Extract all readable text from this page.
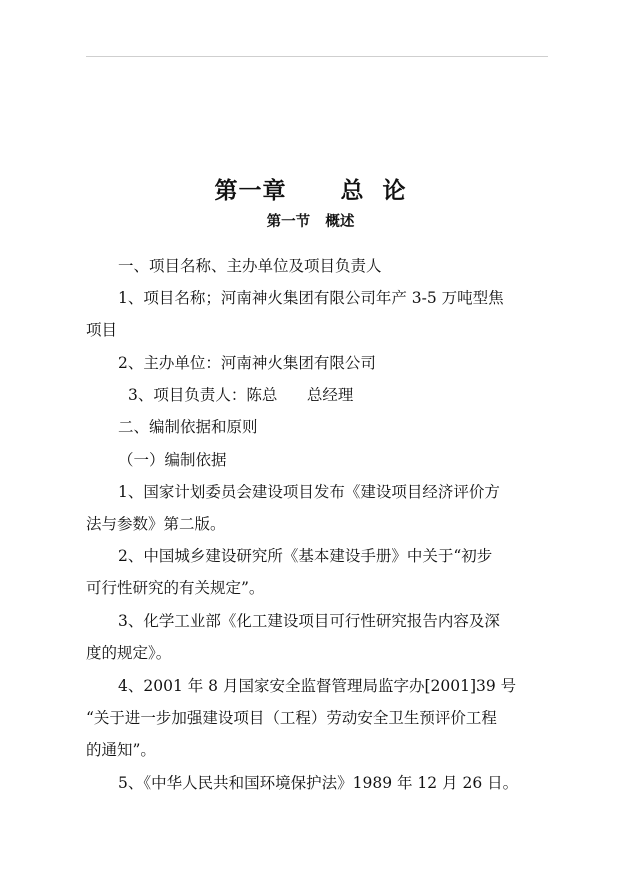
第一章      总  论
第一节   概述
一、项目名称、主办单位及项目负责人
1、项目名称；河南神火集团有限公司年产 3-5 万吨型焦
项目
2、主办单位：河南神火集团有限公司
3、项目负责人：陈总      总经理
二、编制依据和原则
（一）编制依据
1、国家计划委员会建设项目发布《建设项目经济评价方
法与参数》第二版。
2、中国城乡建设研究所《基本建设手册》中关于“初步
可行性研究的有关规定”。
3、化学工业部《化工建设项目可行性研究报告内容及深
度的规定》。
4、2001 年 8 月国家安全监督管理局监字办[2001]39 号
“关于进一步加强建设项目（工程）劳动安全卫生预评价工程
的通知”。
5、《中华人民共和国环境保护法》1989 年 12 月 26 日。
